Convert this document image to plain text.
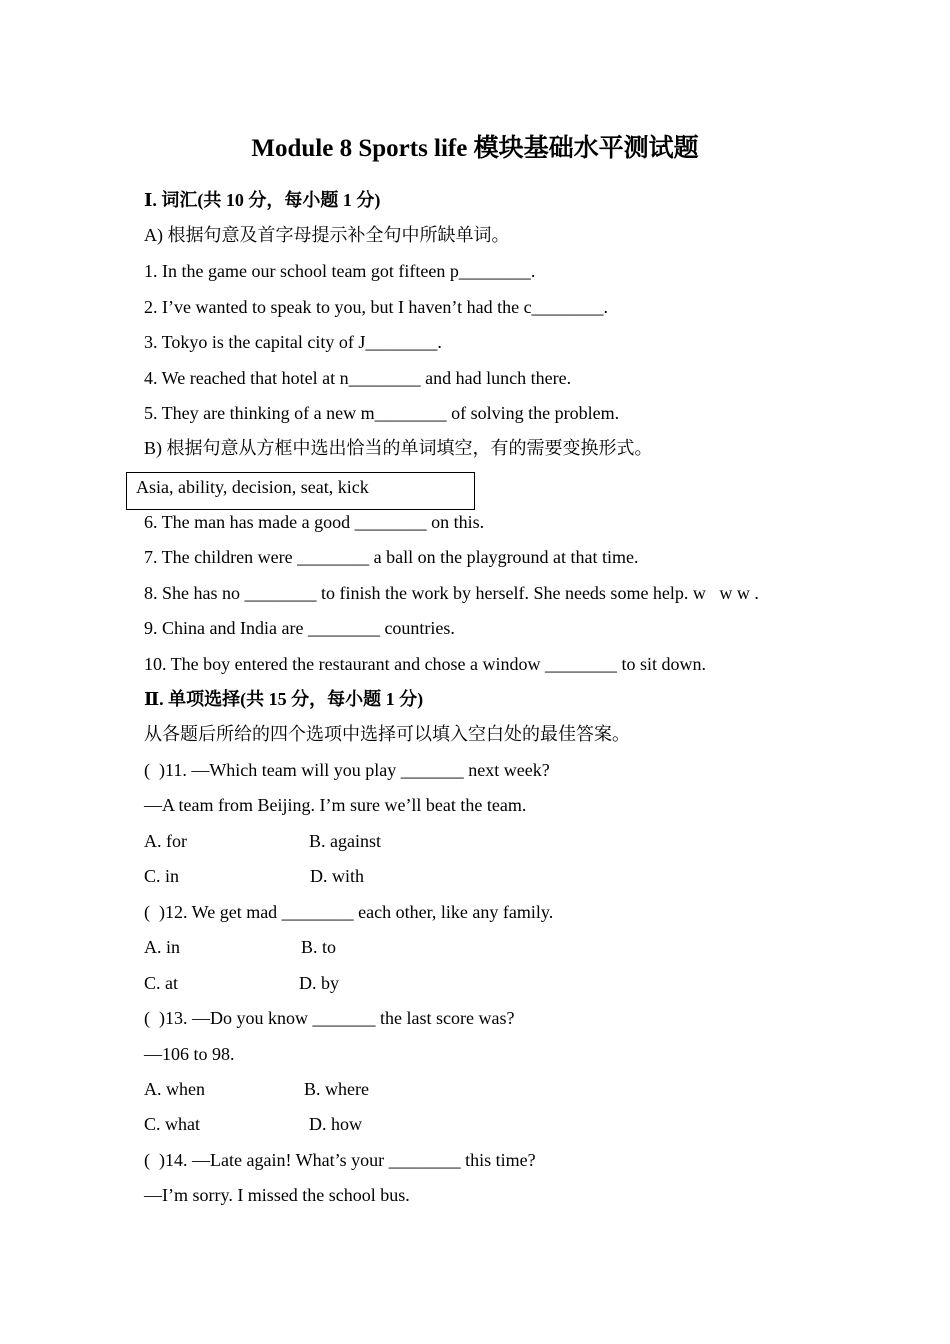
Module 8 Sports life 模块基础水平测试题
Ⅰ. 词汇(共 10 分，每小题 1 分)
A) 根据句意及首字母提示补全句中所缺单词。
1. In the game our school team got fifteen p________.
2. I’ve wanted to speak to you, but I haven’t had the c________.
3. Tokyo is the capital city of J________.
4. We reached that hotel at n________ and had lunch there.
5. They are thinking of a new m________ of solving the problem.
B) 根据句意从方框中选出恰当的单词填空，有的需要变换形式。
Asia, ability, decision, seat, kick
6. The man has made a good ________ on this.
7. The children were ________ a ball on the playground at that time.
8. She has no ________ to finish the work by herself. She needs some help. w   w w .
9. China and India are ________ countries.
10. The boy entered the restaurant and chose a window ________ to sit down.
Ⅱ. 单项选择(共 15 分，每小题 1 分)
从各题后所给的四个选项中选择可以填入空白处的最佳答案。
(  )11. —Which team will you play _______ next week?
—A team from Beijing. I’m sure we’ll beat the team.
A. for	B. against
C. in	D. with
(  )12. We get mad ________ each other, like any family.
A. in	B. to
C. at	D. by
(  )13. —Do you know _______ the last score was?
—106 to 98.
A. when	B. where
C. what	D. how
(  )14. —Late again! What’s your ________ this time?
—I’m sorry. I missed the school bus.
